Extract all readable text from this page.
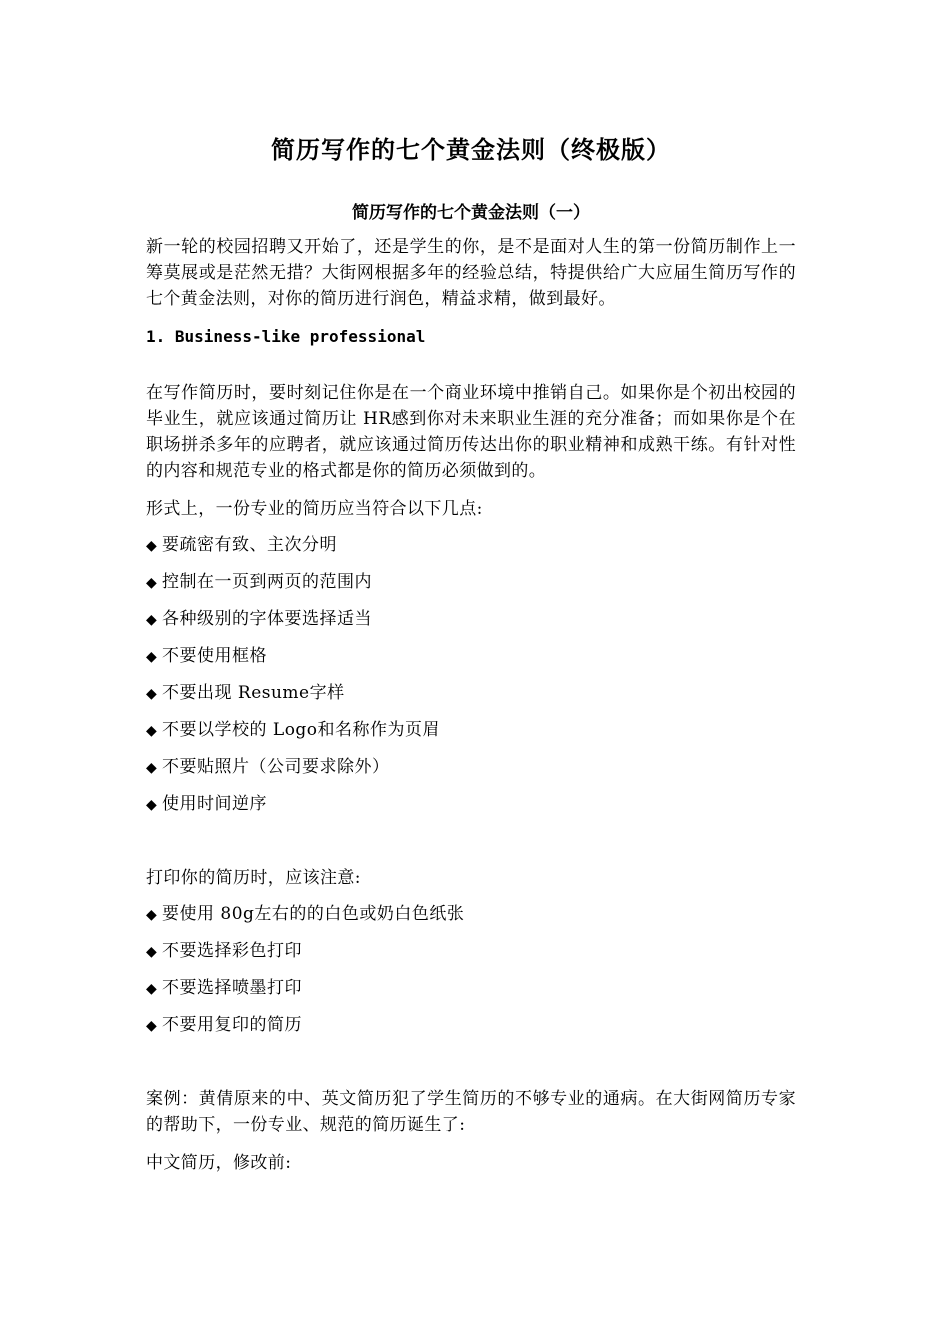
简历写作的七个黄金法则（终极版）
简历写作的七个黄金法则（一）

新一轮的校园招聘又开始了，还是学生的你，是不是面对人生的第一份简历制作上一筹莫展或是茫然无措？大街网根据多年的经验总结，特提供给广大应届生简历写作的七个黄金法则，对你的简历进行润色，精益求精，做到最好。

1. Business-like professional

在写作简历时，要时刻记住你是在一个商业环境中推销自己。如果你是个初出校园的毕业生，就应该通过简历让 HR感到你对未来职业生涯的充分准备；而如果你是个在职场拼杀多年的应聘者，就应该通过简历传达出你的职业精神和成熟干练。有针对性的内容和规范专业的格式都是你的简历必须做到的。

形式上，一份专业的简历应当符合以下几点:

◆ 要疏密有致、主次分明
◆ 控制在一页到两页的范围内
◆ 各种级别的字体要选择适当
◆ 不要使用框格
◆ 不要出现 Resume字样
◆ 不要以学校的 Logo和名称作为页眉
◆ 不要贴照片（公司要求除外）
◆ 使用时间逆序

打印你的简历时，应该注意:

◆ 要使用 80g左右的的白色或奶白色纸张
◆ 不要选择彩色打印
◆ 不要选择喷墨打印
◆ 不要用复印的简历

案例：黄倩原来的中、英文简历犯了学生简历的不够专业的通病。在大街网简历专家的帮助下，一份专业、规范的简历诞生了:

中文简历，修改前:
